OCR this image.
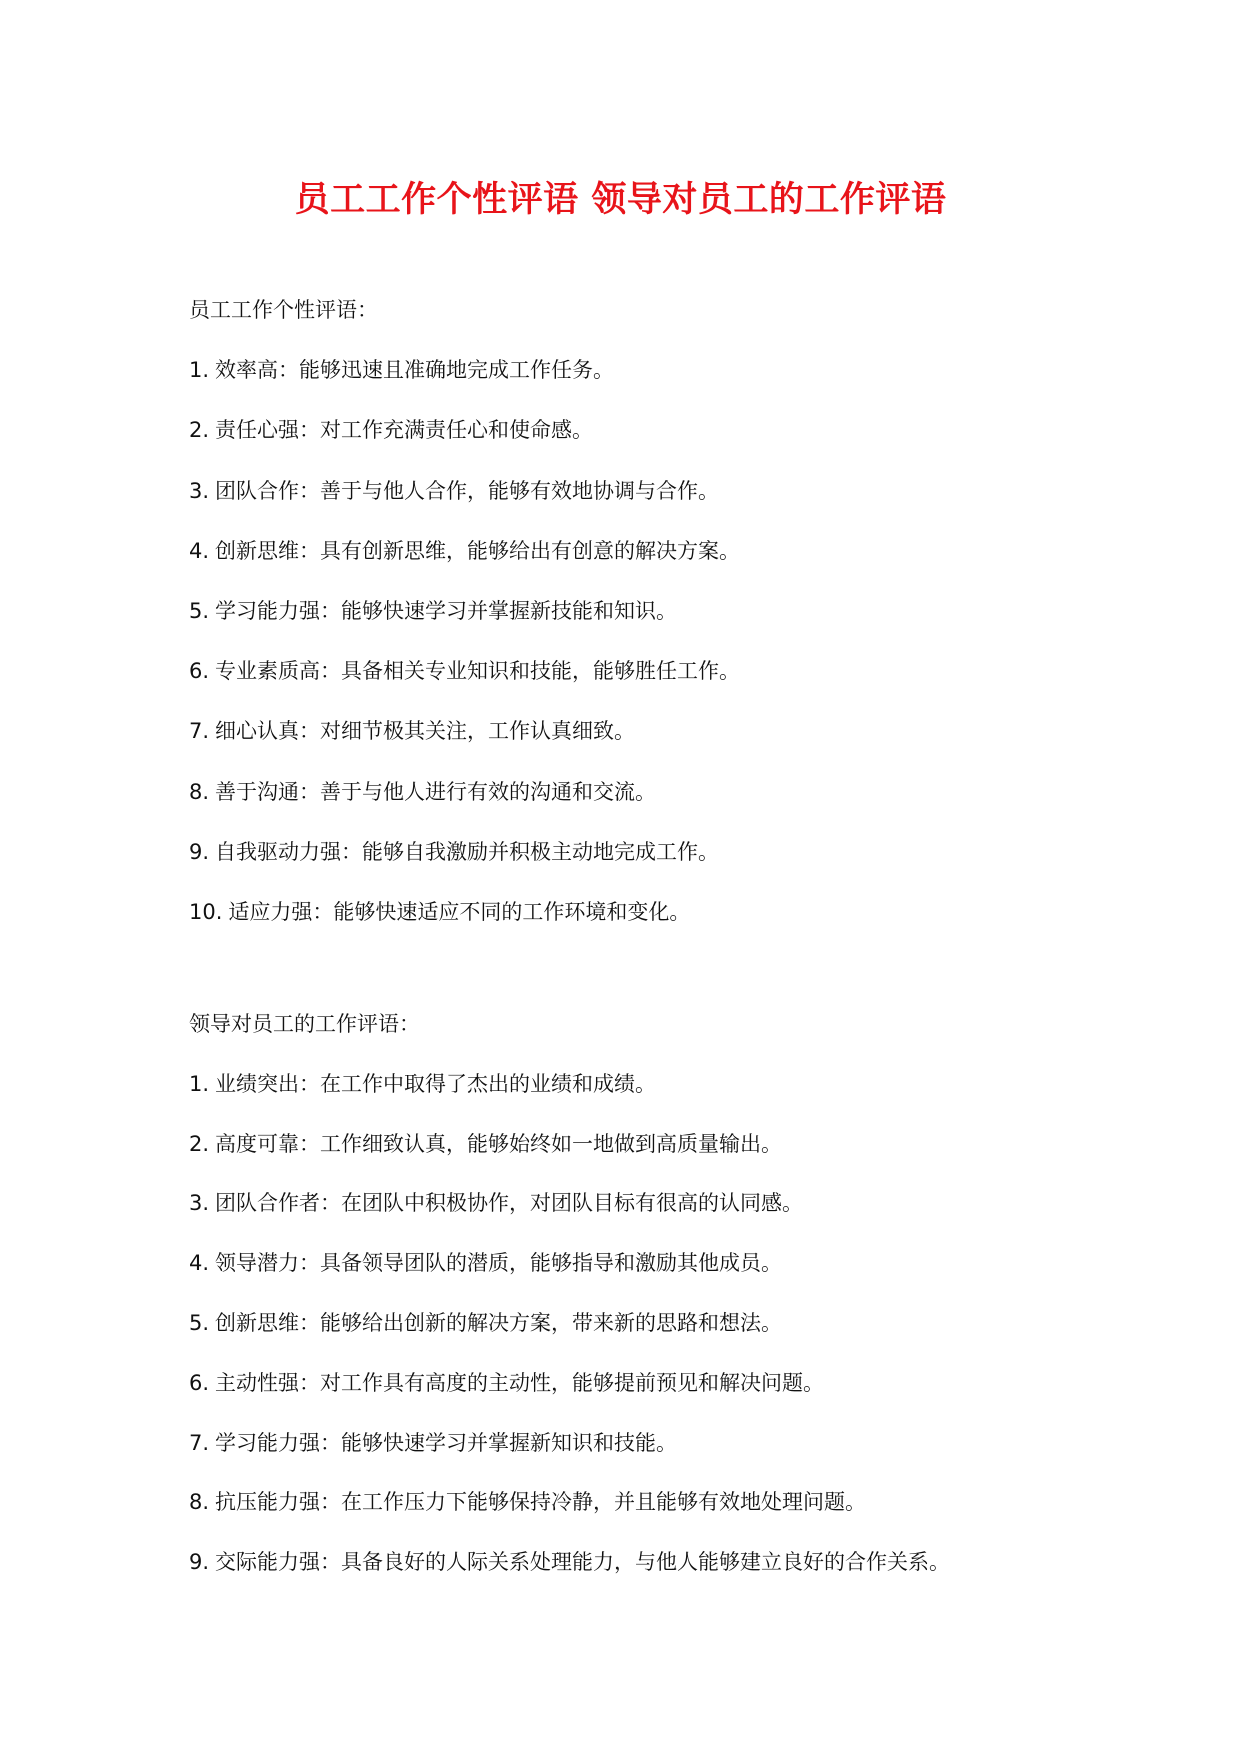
员工工作个性评语 领导对员工的工作评语
员工工作个性评语：
1. 效率高：能够迅速且准确地完成工作任务。
2. 责任心强：对工作充满责任心和使命感。
3. 团队合作：善于与他人合作，能够有效地协调与合作。
4. 创新思维：具有创新思维，能够给出有创意的解决方案。
5. 学习能力强：能够快速学习并掌握新技能和知识。
6. 专业素质高：具备相关专业知识和技能，能够胜任工作。
7. 细心认真：对细节极其关注，工作认真细致。
8. 善于沟通：善于与他人进行有效的沟通和交流。
9. 自我驱动力强：能够自我激励并积极主动地完成工作。
10. 适应力强：能够快速适应不同的工作环境和变化。
领导对员工的工作评语：
1. 业绩突出：在工作中取得了杰出的业绩和成绩。
2. 高度可靠：工作细致认真，能够始终如一地做到高质量输出。
3. 团队合作者：在团队中积极协作，对团队目标有很高的认同感。
4. 领导潜力：具备领导团队的潜质，能够指导和激励其他成员。
5. 创新思维：能够给出创新的解决方案，带来新的思路和想法。
6. 主动性强：对工作具有高度的主动性，能够提前预见和解决问题。
7. 学习能力强：能够快速学习并掌握新知识和技能。
8. 抗压能力强：在工作压力下能够保持冷静，并且能够有效地处理问题。
9. 交际能力强：具备良好的人际关系处理能力，与他人能够建立良好的合作关系。
